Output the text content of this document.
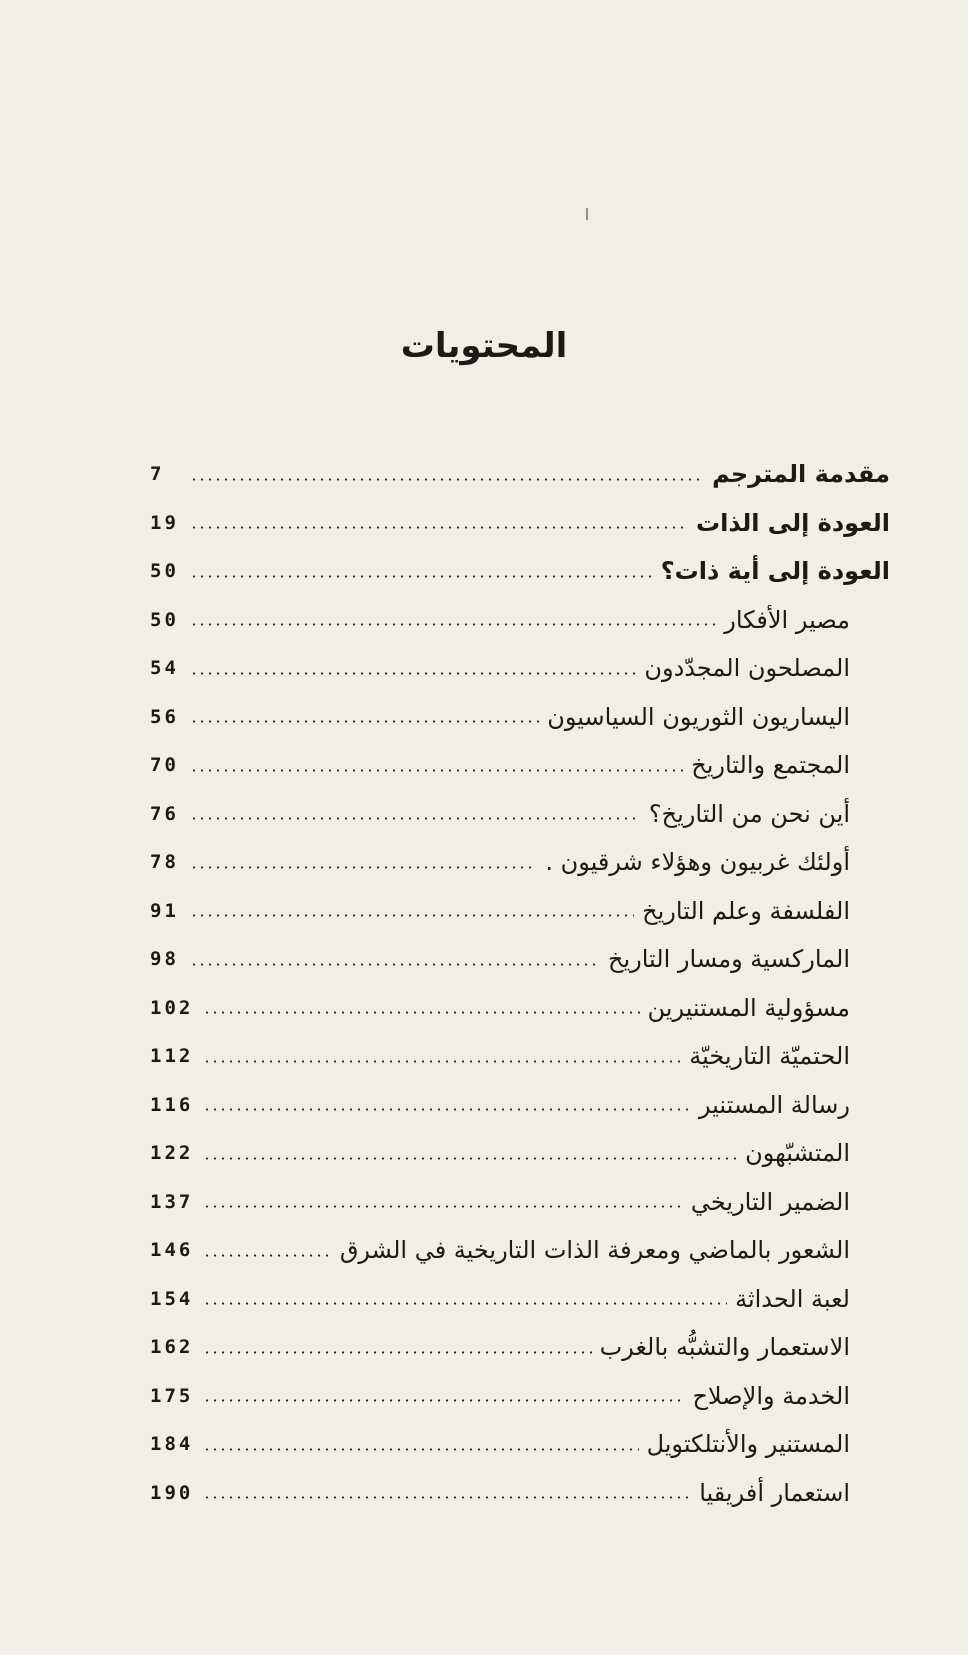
المحتويات
مقدمة المترجم
7
العودة إلى الذات
19
العودة إلى أية ذات؟
50
مصير الأفكار
50
المصلحون المجدّدون
54
اليساريون الثوريون السياسيون
56
المجتمع والتاريخ
70
أين نحن من التاريخ؟
76
أولئك غربيون وهؤلاء شرقيون .
78
الفلسفة وعلم التاريخ
91
الماركسية ومسار التاريخ
98
مسؤولية المستنيرين
102
الحتميّة التاريخيّة
112
رسالة المستنير
116
المتشبّهون
122
الضمير التاريخي
137
الشعور بالماضي ومعرفة الذات التاريخية في الشرق
146
لعبة الحداثة
154
الاستعمار والتشبُّه بالغرب
162
الخدمة والإصلاح
175
المستنير والأنتلكتويل
184
استعمار أفريقيا
190
